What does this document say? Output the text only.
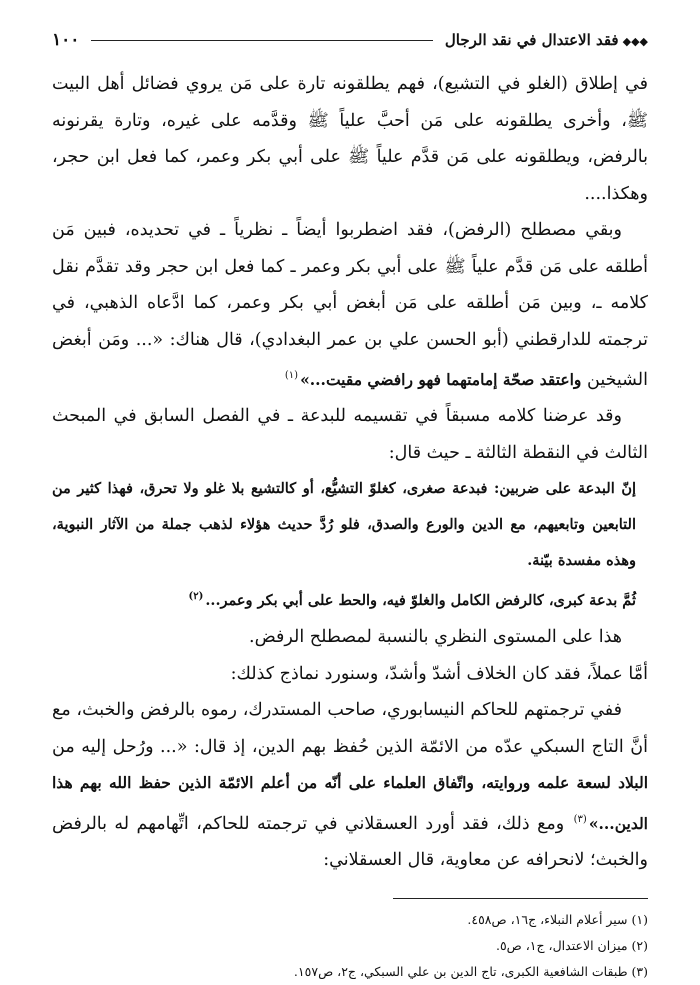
◆◆◆فقد الاعتدال في نقد الرجال
١٠٠

في إطلاق (الغلو في التشيع)، فهم يطلقونه تارة على مَن يروي فضائل أهل البيت ﷺ، وأخرى يطلقونه على مَن أحبَّ علياً ﷺ وقدَّمه على غيره، وتارة يقرنونه بالرفض، ويطلقونه على مَن قدَّم علياً ﷺ على أبي بكر وعمر، كما فعل ابن حجر، وهكذا....

وبقي مصطلح (الرفض)، فقد اضطربوا أيضاً ـ نظرياً ـ في تحديده، فبين مَن أطلقه على مَن قدَّم علياً ﷺ على أبي بكر وعمر ـ كما فعل ابن حجر وقد تقدَّم نقل كلامه ـ، وبين مَن أطلقه على مَن أبغض أبي بكر وعمر، كما ادَّعاه الذهبي، في ترجمته للدارقطني (أبو الحسن علي بن عمر البغدادي)، قال هناك: «... ومَن أبغض الشيخين واعتقد صحّة إمامتهما فهو رافضي مقيت...»$^{(١)}$

وقد عرضنا كلامه مسبقاً في تقسيمه للبدعة ـ في الفصل السابق في المبحث الثالث في النقطة الثالثة ـ حيث قال:

إنّ البدعة على ضربين: فبدعة صغرى، كغلوّ التشيُّع، أو كالتشيع بلا غلو ولا تحرق، فهذا كثير من التابعين وتابعيهم، مع الدين والورع والصدق، فلو رُدَّ حديث هؤلاء لذهب جملة من الآثار النبوية، وهذه مفسدة بيّنة.

ثُمَّ بدعة كبرى، كالرفض الكامل والغلوّ فيه، والحط على أبي بكر وعمر...$^{(٢)}$

هذا على المستوى النظري بالنسبة لمصطلح الرفض.

أمَّا عملاً، فقد كان الخلاف أشدّ وأشدّ، وسنورد نماذج كذلك:

ففي ترجمتهم للحاكم النيسابوري، صاحب المستدرك، رموه بالرفض والخبث، مع أنَّ التاج السبكي عدّه من الائمّة الذين حُفظ بهم الدين، إذ قال: «... ورُحل إليه من البلاد لسعة علمه وروايته، واتّفاق العلماء على أنّه من أعلم الائمّة الذين حفظ الله بهم هذا الدين...»$^{(٣)}$ ومع ذلك، فقد أورد العسقلاني في ترجمته للحاكم، اتِّهامهم له بالرفض والخبث؛ لانحرافه عن معاوية، قال العسقلاني:

(١) سير أعلام النبلاء، ج١٦، ص٤٥٨.

(٢) ميزان الاعتدال، ج١، ص٥.

(٣) طبقات الشافعية الكبرى، تاج الدين بن علي السبكي، ج٢، ص١٥٧.
